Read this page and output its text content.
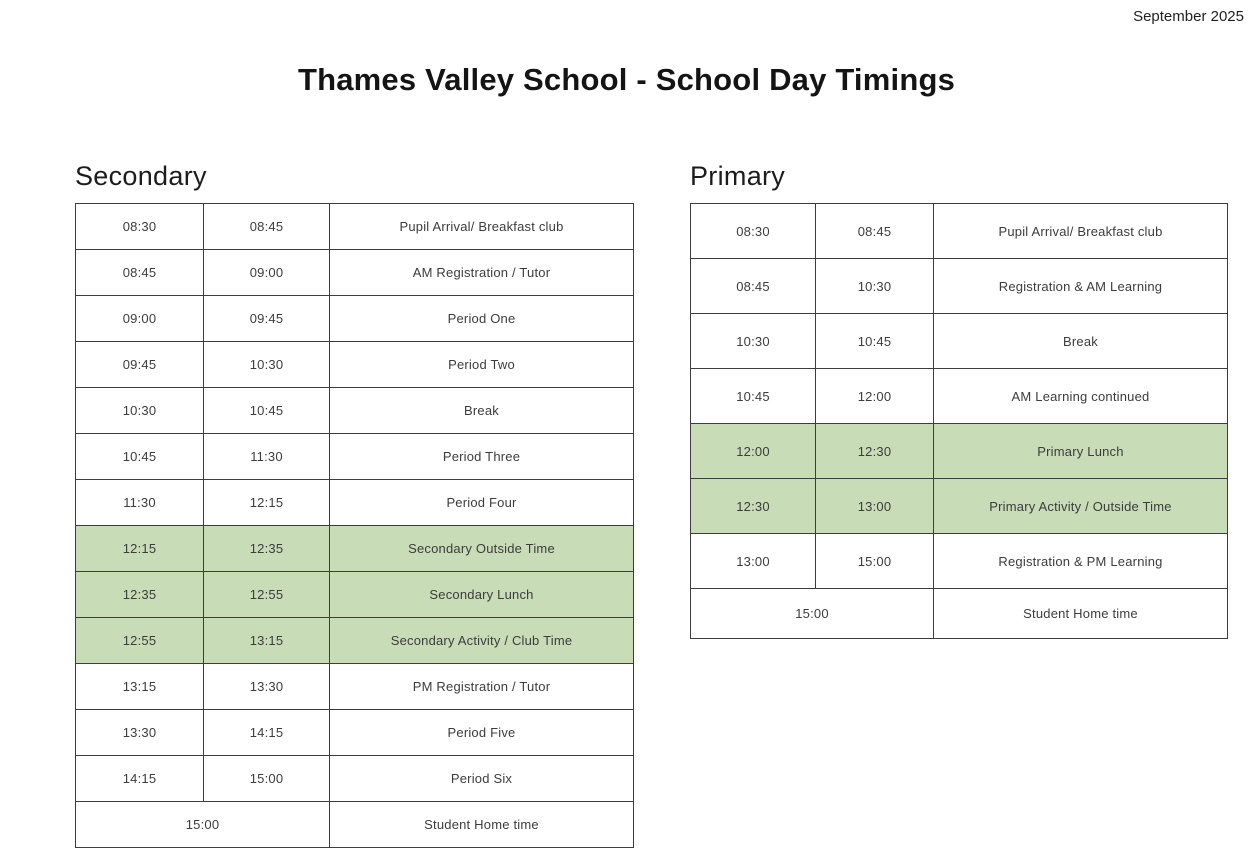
September 2025
Thames Valley School - School Day Timings
Secondary
08:30	08:45	Pupil Arrival/ Breakfast club
08:45	09:00	AM Registration / Tutor
09:00	09:45	Period One
09:45	10:30	Period Two
10:30	10:45	Break
10:45	11:30	Period Three
11:30	12:15	Period Four
12:15	12:35	Secondary Outside Time
12:35	12:55	Secondary Lunch
12:55	13:15	Secondary Activity / Club Time
13:15	13:30	PM Registration / Tutor
13:30	14:15	Period Five
14:15	15:00	Period Six
15:00		Student Home time
Primary
08:30	08:45	Pupil Arrival/ Breakfast club
08:45	10:30	Registration & AM Learning
10:30	10:45	Break
10:45	12:00	AM Learning continued
12:00	12:30	Primary Lunch
12:30	13:00	Primary Activity / Outside Time
13:00	15:00	Registration & PM Learning
15:00		Student Home time
